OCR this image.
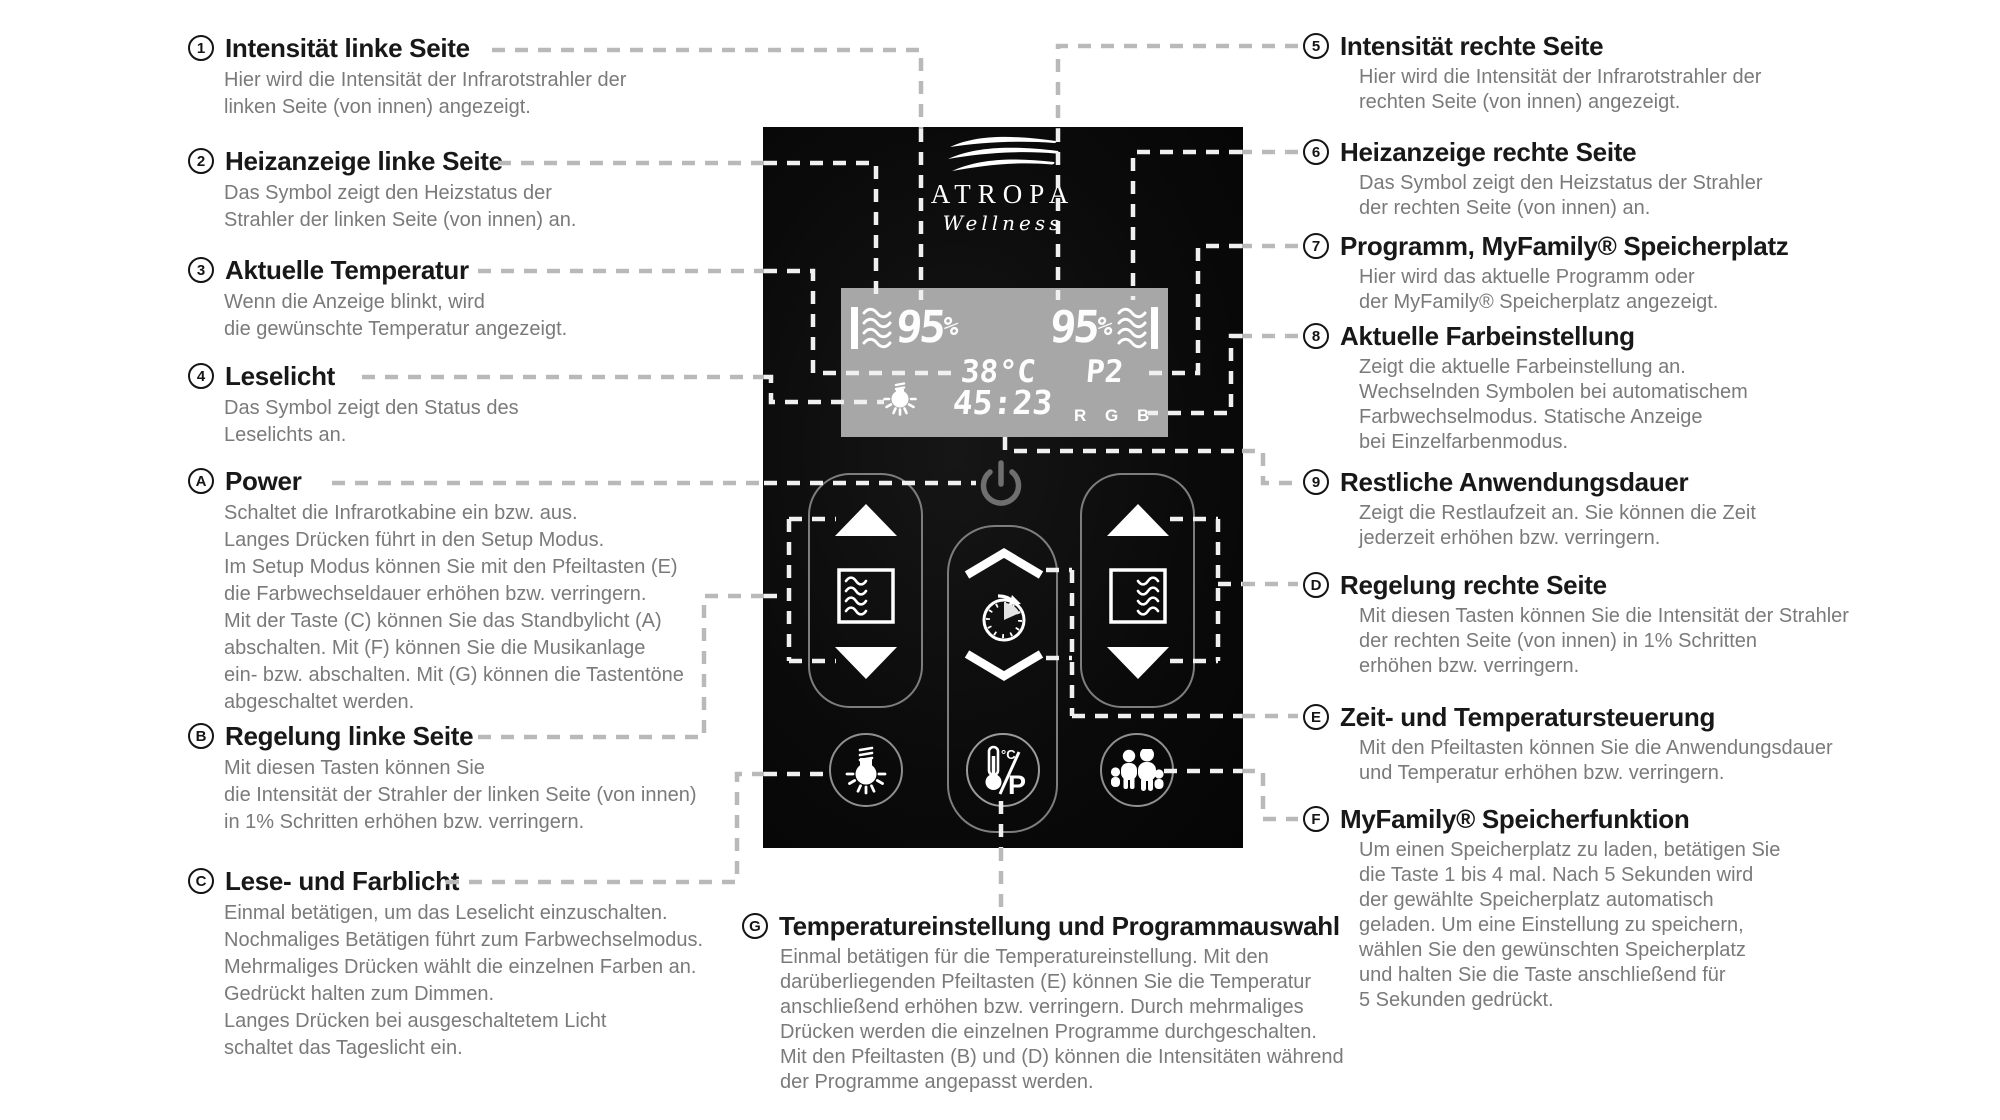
ATROPA
Wellness
95% 95%
38°C P2
45:23 R G B
°C
P
1 Intensität linke Seite
Hier wird die Intensität der Infrarotstrahler der
linken Seite (von innen) angezeigt.
2 Heizanzeige linke Seite
Das Symbol zeigt den Heizstatus der
Strahler der linken Seite (von innen) an.
3 Aktuelle Temperatur
Wenn die Anzeige blinkt, wird
die gewünschte Temperatur angezeigt.
4 Leselicht
Das Symbol zeigt den Status des
Leselichts an.
A Power
Schaltet die Infrarotkabine ein bzw. aus.
Langes Drücken führt in den Setup Modus.
Im Setup Modus können Sie mit den Pfeiltasten (E)
die Farbwechseldauer erhöhen bzw. verringern.
Mit der Taste (C) können Sie das Standbylicht (A)
abschalten. Mit (F) können Sie die Musikanlage
ein- bzw. abschalten. Mit (G) können die Tastentöne
abgeschaltet werden.
B Regelung linke Seite
Mit diesen Tasten können Sie
die Intensität der Strahler der linken Seite (von innen)
in 1% Schritten erhöhen bzw. verringern.
C Lese- und Farblicht
Einmal betätigen, um das Leselicht einzuschalten.
Nochmaliges Betätigen führt zum Farbwechselmodus.
Mehrmaliges Drücken wählt die einzelnen Farben an.
Gedrückt halten zum Dimmen.
Langes Drücken bei ausgeschaltetem Licht
schaltet das Tageslicht ein.
5 Intensität rechte Seite
Hier wird die Intensität der Infrarotstrahler der
rechten Seite (von innen) angezeigt.
6 Heizanzeige rechte Seite
Das Symbol zeigt den Heizstatus der Strahler
der rechten Seite (von innen) an.
7 Programm, MyFamily® Speicherplatz
Hier wird das aktuelle Programm oder
der MyFamily® Speicherplatz angezeigt.
8 Aktuelle Farbeinstellung
Zeigt die aktuelle Farbeinstellung an.
Wechselnden Symbolen bei automatischem
Farbwechselmodus. Statische Anzeige
bei Einzelfarbenmodus.
9 Restliche Anwendungsdauer
Zeigt die Restlaufzeit an. Sie können die Zeit
jederzeit erhöhen bzw. verringern.
D Regelung rechte Seite
Mit diesen Tasten können Sie die Intensität der Strahler
der rechten Seite (von innen) in 1% Schritten
erhöhen bzw. verringern.
E Zeit- und Temperatursteuerung
Mit den Pfeiltasten können Sie die Anwendungsdauer
und Temperatur erhöhen bzw. verringern.
F MyFamily® Speicherfunktion
Um einen Speicherplatz zu laden, betätigen Sie
die Taste 1 bis 4 mal. Nach 5 Sekunden wird
der gewählte Speicherplatz automatisch
geladen. Um eine Einstellung zu speichern,
wählen Sie den gewünschten Speicherplatz
und halten Sie die Taste anschließend für
5 Sekunden gedrückt.
G Temperatureinstellung und Programmauswahl
Einmal betätigen für die Temperatureinstellung. Mit den
darüberliegenden Pfeiltasten (E) können Sie die Temperatur
anschließend erhöhen bzw. verringern. Durch mehrmaliges
Drücken werden die einzelnen Programme durchgeschalten.
Mit den Pfeiltasten (B) und (D) können die Intensitäten während
der Programme angepasst werden.
